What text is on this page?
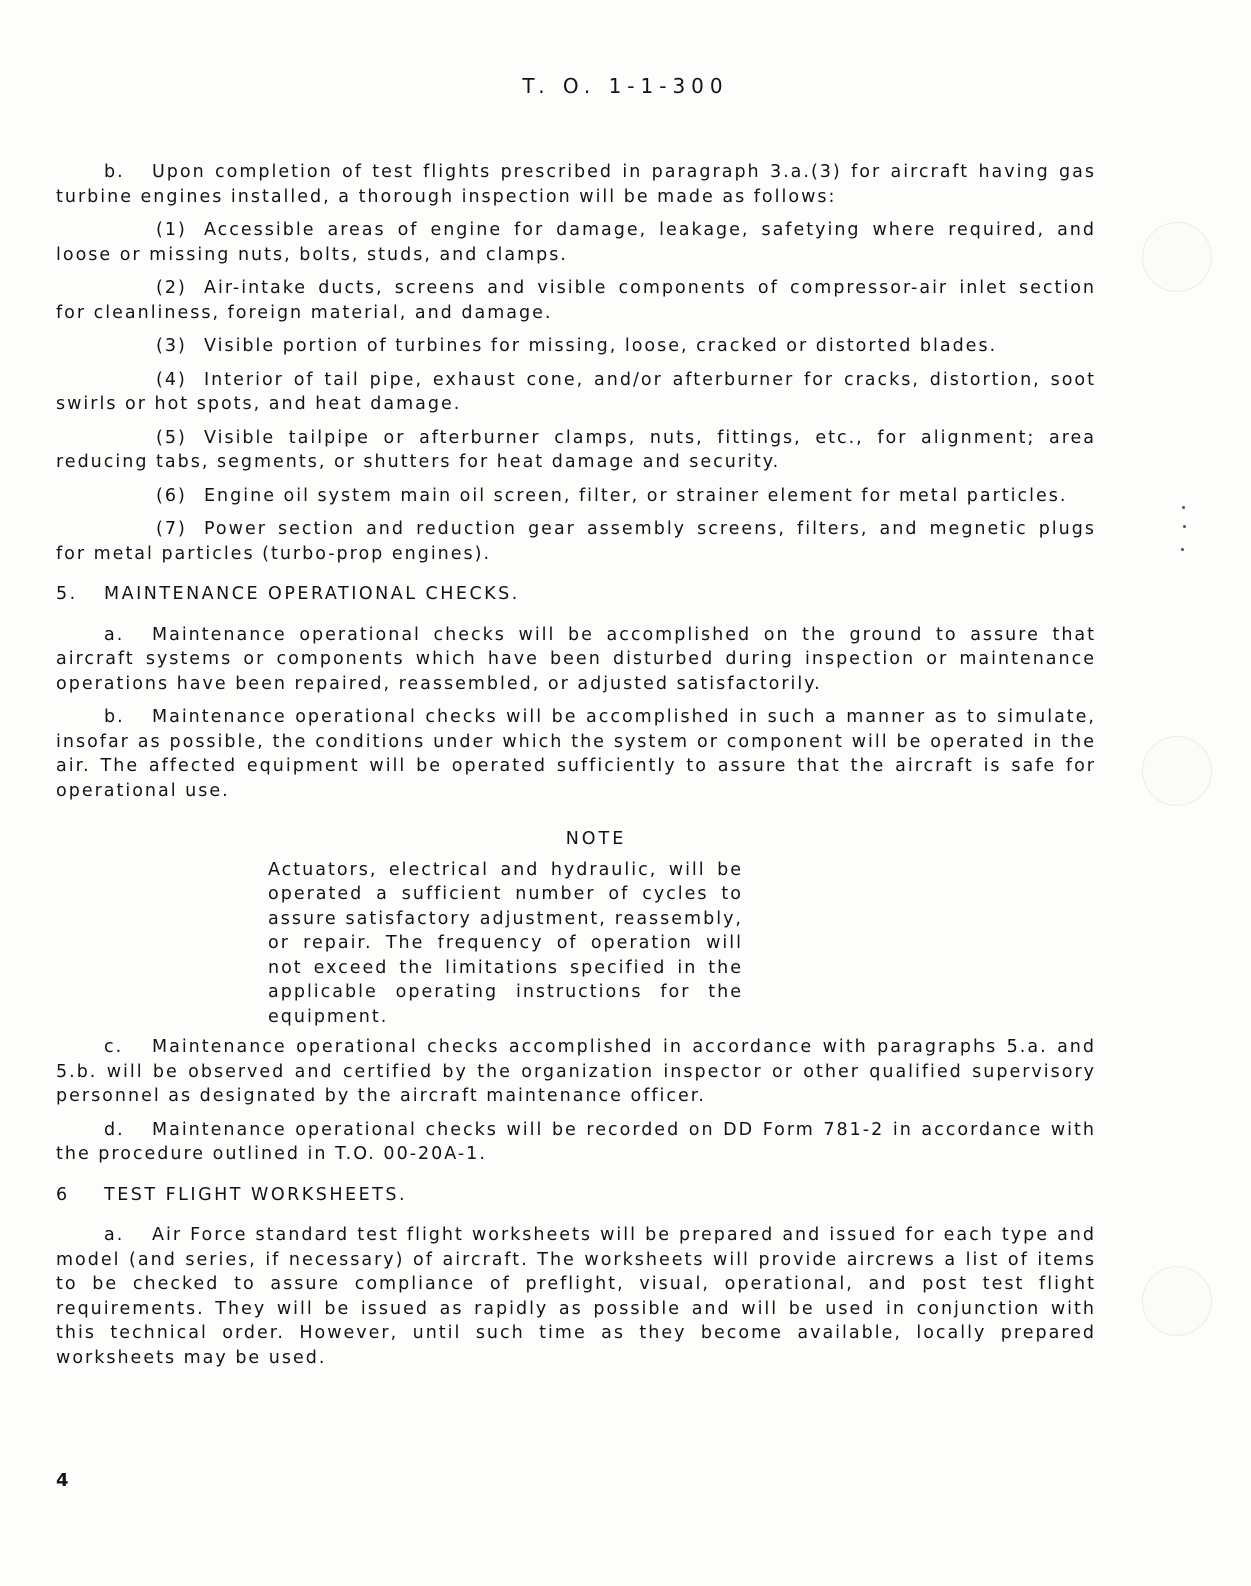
T. O. 1-1-300

b. Upon completion of test flights prescribed in paragraph 3.a.(3) for aircraft having gas turbine engines installed, a thorough inspection will be made as follows:

(1) Accessible areas of engine for damage, leakage, safetying where required, and loose or missing nuts, bolts, studs, and clamps.

(2) Air-intake ducts, screens and visible components of compressor-air inlet section for cleanliness, foreign material, and damage.

(3) Visible portion of turbines for missing, loose, cracked or distorted blades.

(4) Interior of tail pipe, exhaust cone, and/or afterburner for cracks, distortion, soot swirls or hot spots, and heat damage.

(5) Visible tailpipe or afterburner clamps, nuts, fittings, etc., for alignment; area reducing tabs, segments, or shutters for heat damage and security.

(6) Engine oil system main oil screen, filter, or strainer element for metal particles.

(7) Power section and reduction gear assembly screens, filters, and megnetic plugs for metal particles (turbo-prop engines).

5. MAINTENANCE OPERATIONAL CHECKS.

a. Maintenance operational checks will be accomplished on the ground to assure that aircraft systems or components which have been disturbed during inspection or maintenance operations have been repaired, reassembled, or adjusted satisfactorily.

b. Maintenance operational checks will be accomplished in such a manner as to simulate, insofar as possible, the conditions under which the system or component will be operated in the air. The affected equipment will be operated sufficiently to assure that the aircraft is safe for operational use.

NOTE
Actuators, electrical and hydraulic, will be operated a sufficient number of cycles to assure satisfactory adjustment, reassembly, or repair. The frequency of operation will not exceed the limitations specified in the applicable operating instructions for the equipment.

c. Maintenance operational checks accomplished in accordance with paragraphs 5.a. and 5.b. will be observed and certified by the organization inspector or other qualified supervisory personnel as designated by the aircraft maintenance officer.

d. Maintenance operational checks will be recorded on DD Form 781-2 in accordance with the procedure outlined in T.O. 00-20A-1.

6 TEST FLIGHT WORKSHEETS.

a. Air Force standard test flight worksheets will be prepared and issued for each type and model (and series, if necessary) of aircraft. The worksheets will provide aircrews a list of items to be checked to assure compliance of preflight, visual, operational, and post test flight requirements. They will be issued as rapidly as possible and will be used in conjunction with this technical order. However, until such time as they become available, locally prepared worksheets may be used.

4
